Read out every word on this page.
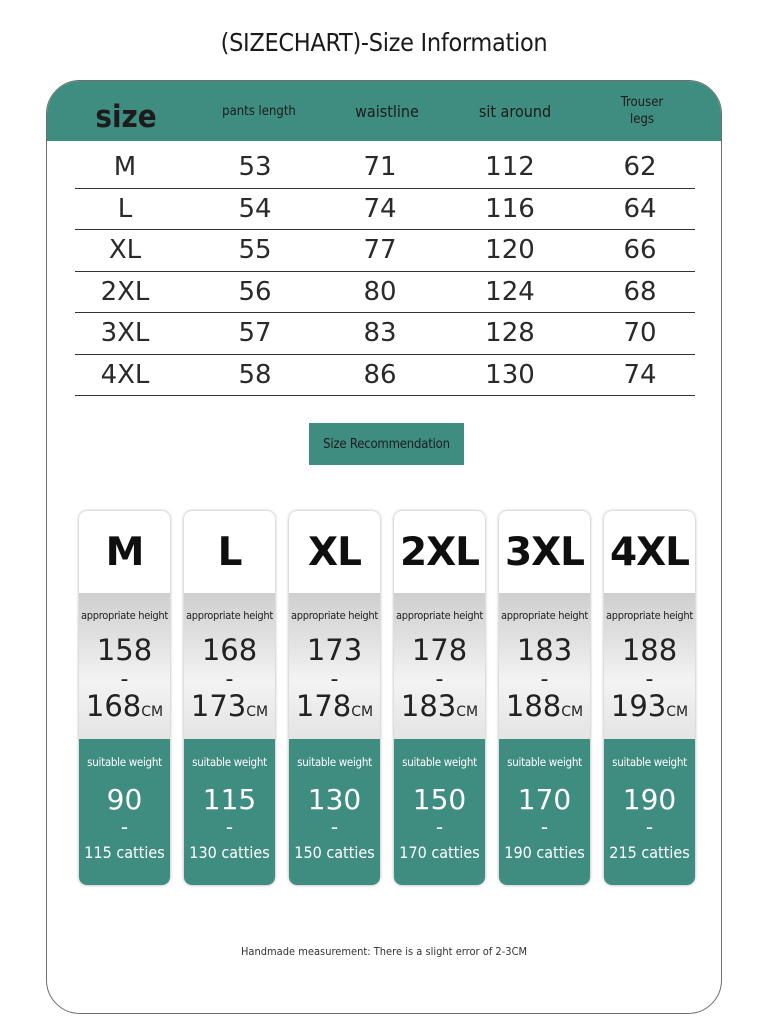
(SIZECHART)-Size Information
size	pants length	waistline	sit around	Trouser
legs
M	53	71	112	62
L	54	74	116	64
XL	55	77	120	66
2XL	56	80	124	68
3XL	57	83	128	70
4XL	58	86	130	74
Size Recommendation
M
appropriate height
158
-
168CM
suitable weight
90
-
115 catties
L
appropriate height
168
-
173CM
suitable weight
115
-
130 catties
XL
appropriate height
173
-
178CM
suitable weight
130
-
150 catties
2XL
appropriate height
178
-
183CM
suitable weight
150
-
170 catties
3XL
appropriate height
183
-
188CM
suitable weight
170
-
190 catties
4XL
appropriate height
188
-
193CM
suitable weight
190
-
215 catties
Handmade measurement: There is a slight error of 2-3CM
